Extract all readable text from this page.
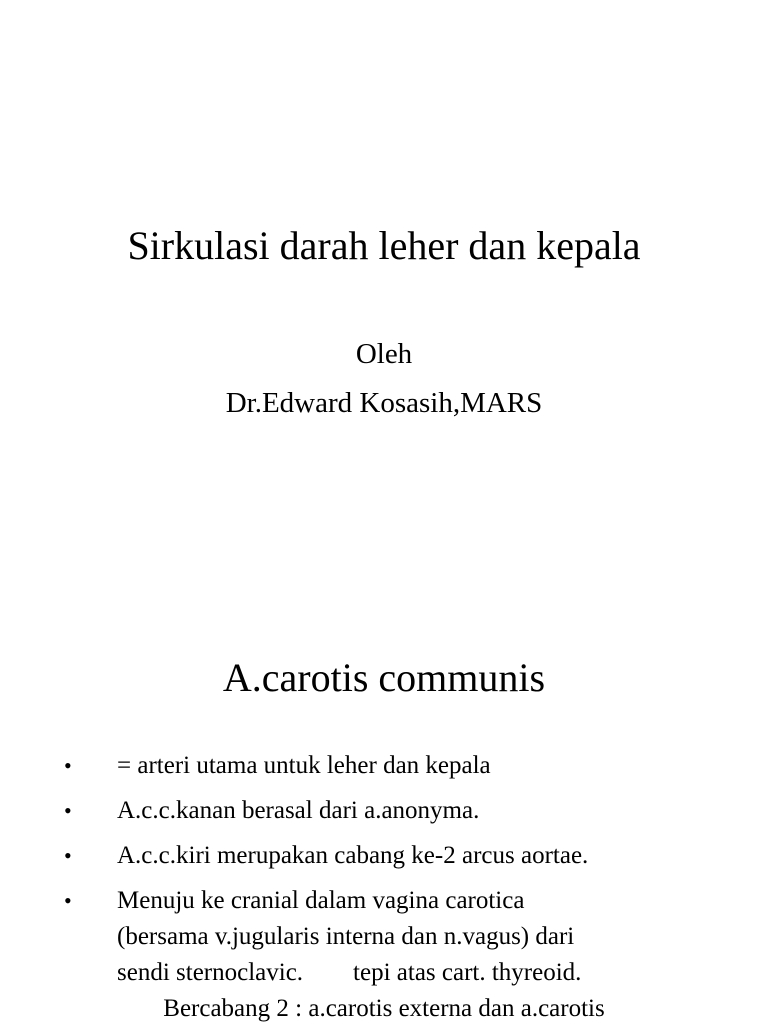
Sirkulasi darah leher dan kepala

Oleh

Dr.Edward Kosasih,MARS

A.carotis communis
• = arteri utama untuk leher dan kepala
• A.c.c.kanan berasal dari a.anonyma.
• A.c.c.kiri merupakan cabang ke-2 arcus aortae.
• Menuju ke cranial dalam vagina carotica
(bersama v.jugularis interna dan n.vagus) dari
sendi sternoclavic.        tepi atas cart. thyreoid.
Bercabang 2 : a.carotis externa dan a.carotis
